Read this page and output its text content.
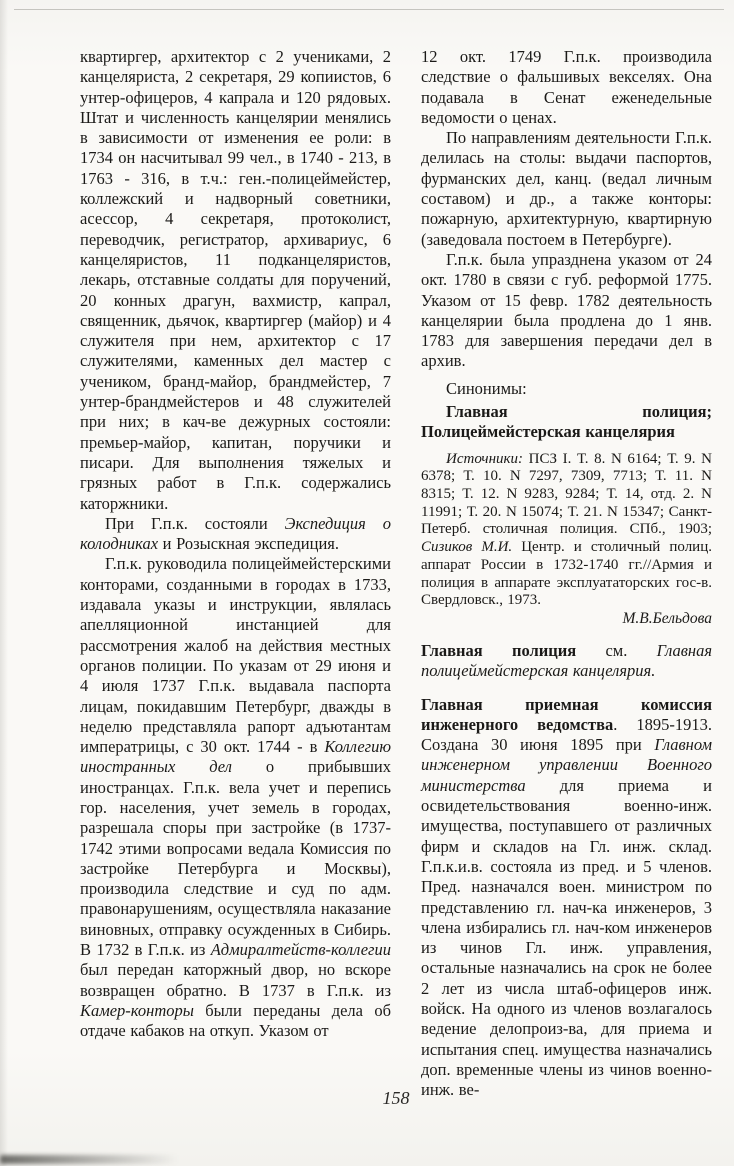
квартиргер, архитектор с 2 учениками, 2 канцеляриста, 2 секретаря, 29 копиистов, 6 унтер-офицеров, 4 капрала и 120 рядовых. Штат и численность канцелярии менялись в зависимости от изменения ее роли: в 1734 он насчитывал 99 чел., в 1740 - 213, в 1763 - 316, в т.ч.: ген.-полицеймейстер, коллежский и надворный советники, асессор, 4 секретаря, протоколист, переводчик, регистратор, архивариус, 6 канцеляристов, 11 подканцеляристов, лекарь, отставные солдаты для поручений, 20 конных драгун, вахмистр, капрал, священник, дьячок, квартиргер (майор) и 4 служителя при нем, архитектор с 17 служителями, каменных дел мастер с учеником, бранд-майор, брандмейстер, 7 унтер-брандмейстеров и 48 служителей при них; в кач-ве дежурных состояли: премьер-майор, капитан, поручики и писари. Для выполнения тяжелых и грязных работ в Г.п.к. содержались каторжники.

При Г.п.к. состояли Экспедиция о колодниках и Розыскная экспедиция.

Г.п.к. руководила полицеймейстерскими конторами, созданными в городах в 1733, издавала указы и инструкции, являлась апелляционной инстанцией для рассмотрения жалоб на действия местных органов полиции. По указам от 29 июня и 4 июля 1737 Г.п.к. выдавала паспорта лицам, покидавшим Петербург, дважды в неделю представляла рапорт адъютантам императрицы, с 30 окт. 1744 - в Коллегию иностранных дел о прибывших иностранцах. Г.п.к. вела учет и перепись гор. населения, учет земель в городах, разрешала споры при застройке (в 1737-1742 этими вопросами ведала Комиссия по застройке Петербурга и Москвы), производила следствие и суд по адм. правонарушениям, осуществляла наказание виновных, отправку осужденных в Сибирь. В 1732 в Г.п.к. из Адмиралтейств-коллегии был передан каторжный двор, но вскоре возвращен обратно. В 1737 в Г.п.к. из Камер-конторы были переданы дела об отдаче кабаков на откуп. Указом от

12 окт. 1749 Г.п.к. производила следствие о фальшивых векселях. Она подавала в Сенат еженедельные ведомости о ценах.

По направлениям деятельности Г.п.к. делилась на столы: выдачи паспортов, фурманских дел, канц. (ведал личным составом) и др., а также конторы: пожарную, архитектурную, квартирную (заведовала постоем в Петербурге).

Г.п.к. была упразднена указом от 24 окт. 1780 в связи с губ. реформой 1775. Указом от 15 февр. 1782 деятельность канцелярии была продлена до 1 янв. 1783 для завершения передачи дел в архив.

Синонимы:

Главная полиция; Полицеймейстерская канцелярия

Источники: ПСЗ I. Т. 8. N 6164; Т. 9. N 6378; Т. 10. N 7297, 7309, 7713; Т. 11. N 8315; Т. 12. N 9283, 9284; Т. 14, отд. 2. N 11991; Т. 20. N 15074; Т. 21. N 15347; Санкт-Петерб. столичная полиция. СПб., 1903; Сизиков М.И. Центр. и столичный полиц. аппарат России в 1732-1740 гг.//Армия и полиция в аппарате эксплуататорских гос-в. Свердловск., 1973.

М.В.Бельдова

Главная полиция см. Главная полицеймейстерская канцелярия.

Главная приемная комиссия инженерного ведомства. 1895-1913. Создана 30 июня 1895 при Главном инженерном управлении Военного министерства для приема и освидетельствования военно-инж. имущества, поступавшего от различных фирм и складов на Гл. инж. склад. Г.п.к.и.в. состояла из пред. и 5 членов. Пред. назначался воен. министром по представлению гл. нач-ка инженеров, 3 члена избирались гл. нач-ком инженеров из чинов Гл. инж. управления, остальные назначались на срок не более 2 лет из числа штаб-офицеров инж. войск. На одного из членов возлагалось ведение делопроиз-ва, для приема и испытания спец. имущества назначались доп. временные члены из чинов военно-инж. ве-

158
